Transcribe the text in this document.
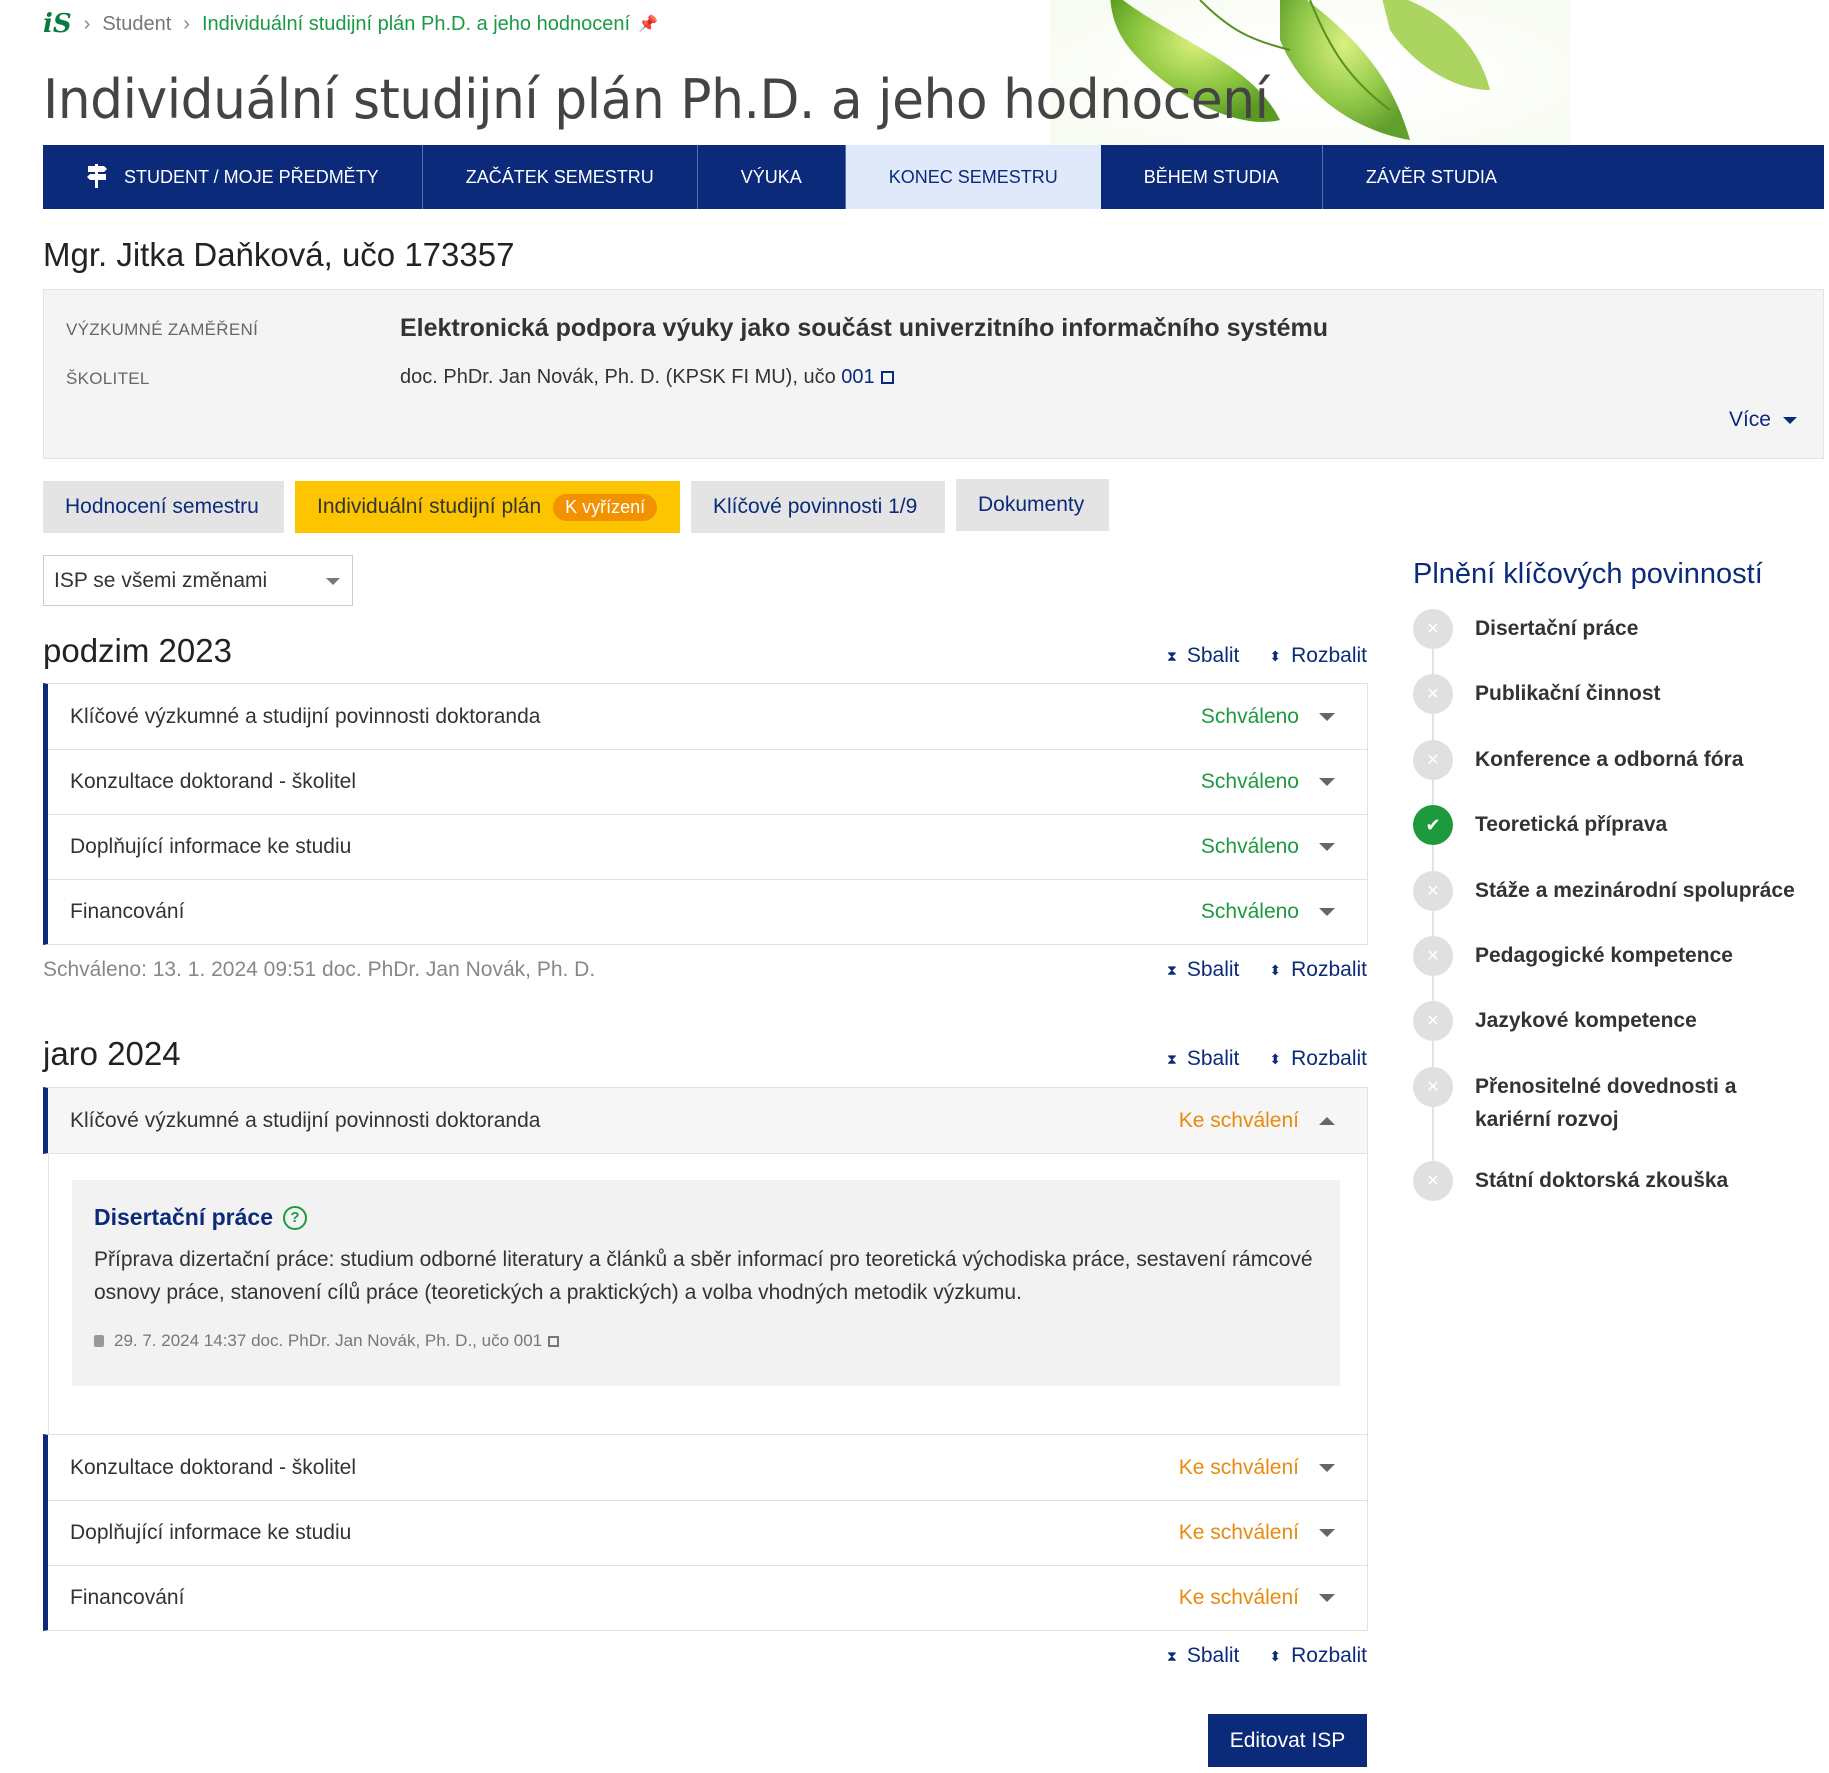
iS › Student › Individuální studijní plán Ph.D. a jeho hodnocení 📌
Individuální studijní plán Ph.D. a jeho hodnocení
STUDENT / MOJE PŘEDMĚTY	ZAČÁTEK SEMESTRU	VÝUKA	KONEC SEMESTRU	BĚHEM STUDIA	ZÁVĚR STUDIA
Mgr. Jitka Daňková, učo 173357
VÝZKUMNÉ ZAMĚŘENÍ	Elektronická podpora výuky jako součást univerzitního informačního systému
ŠKOLITEL	doc. PhDr. Jan Novák, Ph. D. (KPSK FI MU), učo 001
Více
Hodnocení semestru	Individuální studijní plán	K vyřízení	Klíčové povinnosti 1/9	Dokumenty
ISP se všemi změnami
podzim 2023	⧗ Sbalit ⬍ Rozbalit
Klíčové výzkumné a studijní povinnosti doktoranda	Schváleno
Konzultace doktorand - školitel	Schváleno
Doplňující informace ke studiu	Schváleno
Financování	Schváleno
Schváleno: 13. 1. 2024 09:51 doc. PhDr. Jan Novák, Ph. D.	⧗ Sbalit ⬍ Rozbalit
jaro 2024	⧗ Sbalit ⬍ Rozbalit
Klíčové výzkumné a studijní povinnosti doktoranda	Ke schválení
Disertační práce	?
Příprava dizertační práce: studium odborné literatury a článků a sběr informací pro teoretická východiska práce, sestavení rámcové osnovy práce, stanovení cílů práce (teoretických a praktických) a volba vhodných metodik výzkumu.
29. 7. 2024 14:37 doc. PhDr. Jan Novák, Ph. D., učo 001
Konzultace doktorand - školitel	Ke schválení
Doplňující informace ke studiu	Ke schválení
Financování	Ke schválení
⧗ Sbalit ⬍ Rozbalit
Editovat ISP
Plnění klíčových povinností
✕	Disertační práce
✕	Publikační činnost
✕	Konference a odborná fóra
✔	Teoretická příprava
✕	Stáže a mezinárodní spolupráce
✕	Pedagogické kompetence
✕	Jazykové kompetence
✕	Přenositelné dovednosti a kariérní rozvoj
✕	Státní doktorská zkouška
